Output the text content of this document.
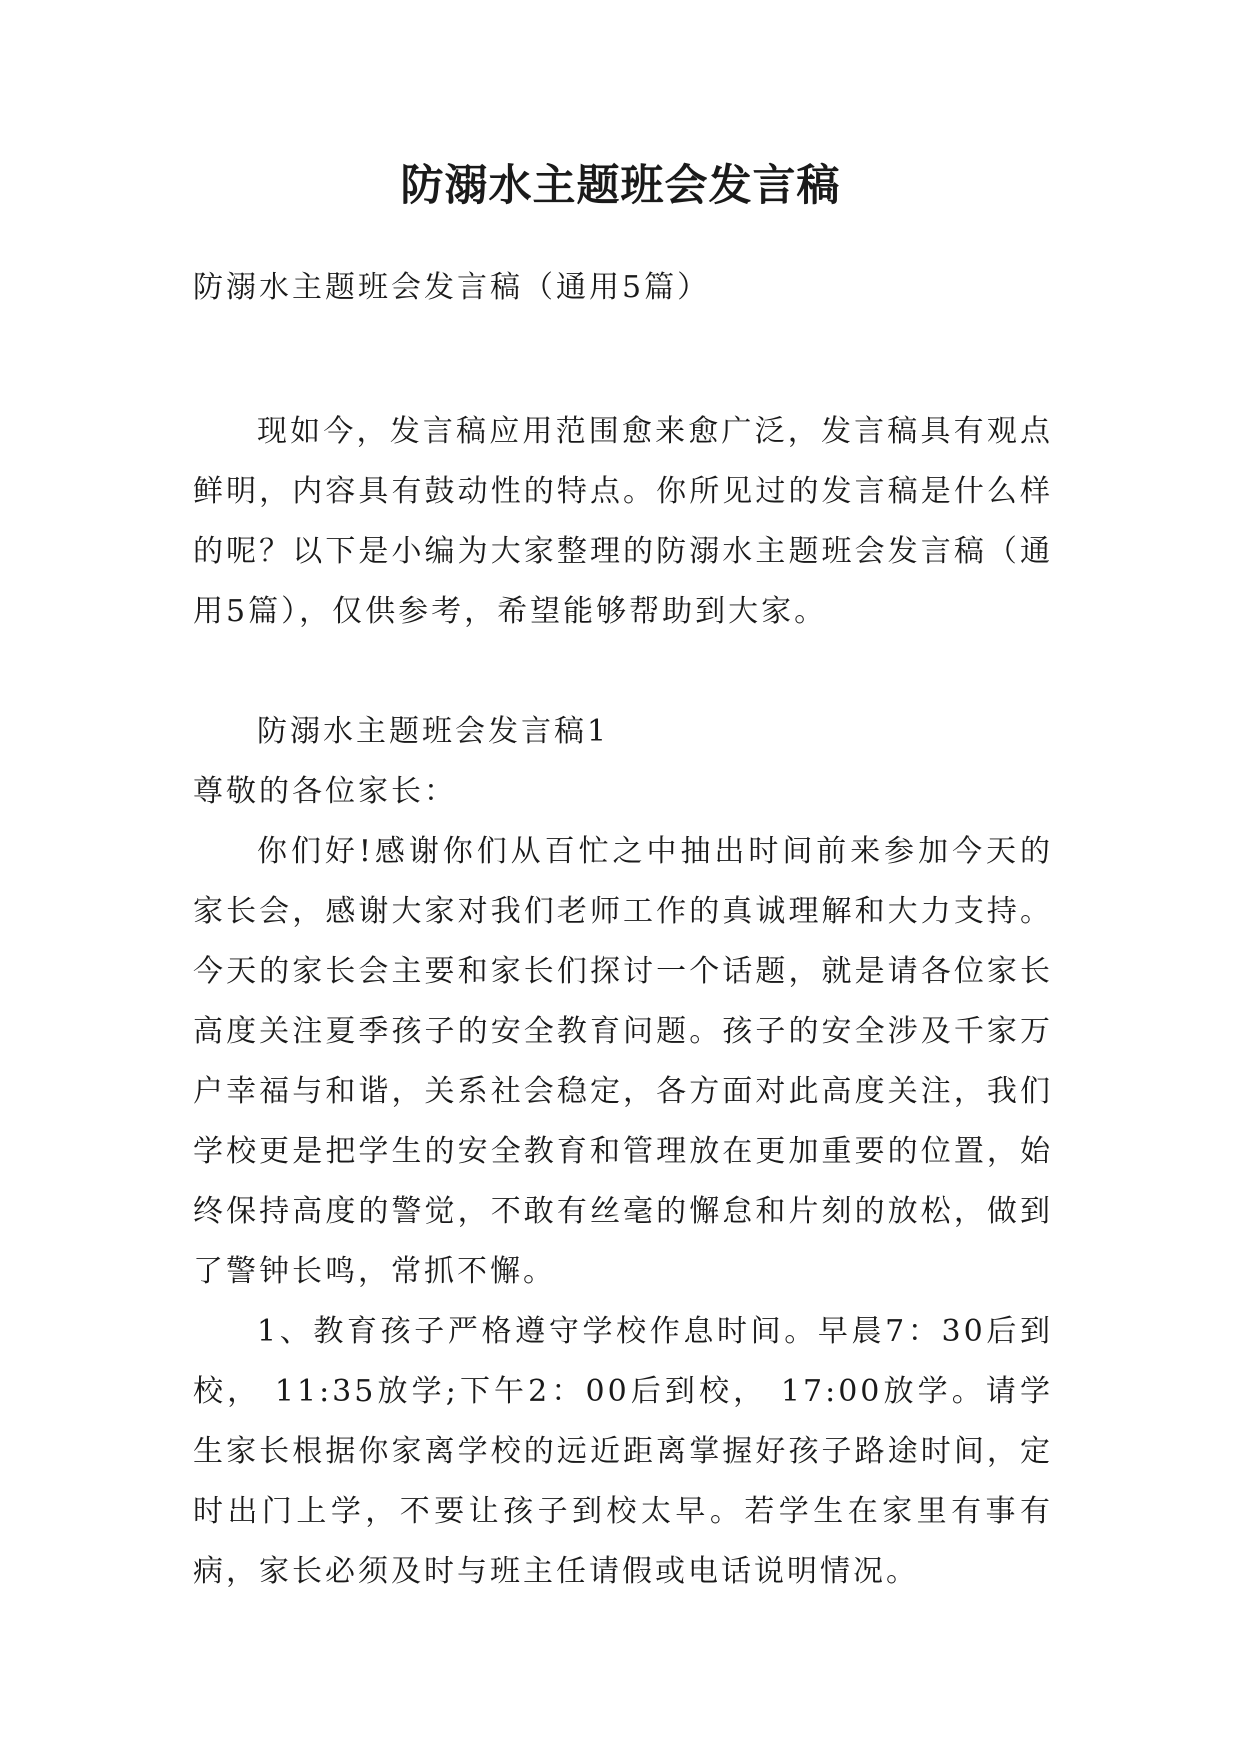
防溺水主题班会发言稿

防溺水主题班会发言稿（通用5篇）

现如今，发言稿应用范围愈来愈广泛，发言稿具有观点鲜明，内容具有鼓动性的特点。你所见过的发言稿是什么样的呢？以下是小编为大家整理的防溺水主题班会发言稿（通用5篇），仅供参考，希望能够帮助到大家。

防溺水主题班会发言稿1

尊敬的各位家长：

你们好!感谢你们从百忙之中抽出时间前来参加今天的家长会，感谢大家对我们老师工作的真诚理解和大力支持。今天的家长会主要和家长们探讨一个话题，就是请各位家长高度关注夏季孩子的安全教育问题。孩子的安全涉及千家万户幸福与和谐，关系社会稳定，各方面对此高度关注，我们学校更是把学生的安全教育和管理放在更加重要的位置，始终保持高度的警觉，不敢有丝毫的懈怠和片刻的放松，做到了警钟长鸣，常抓不懈。

1、教育孩子严格遵守学校作息时间。早晨7：30后到校， 11:35放学;下午2：00后到校， 17:00放学。请学生家长根据你家离学校的远近距离掌握好孩子路途时间，定时出门上学，不要让孩子到校太早。若学生在家里有事有病，家长必须及时与班主任请假或电话说明情况。
